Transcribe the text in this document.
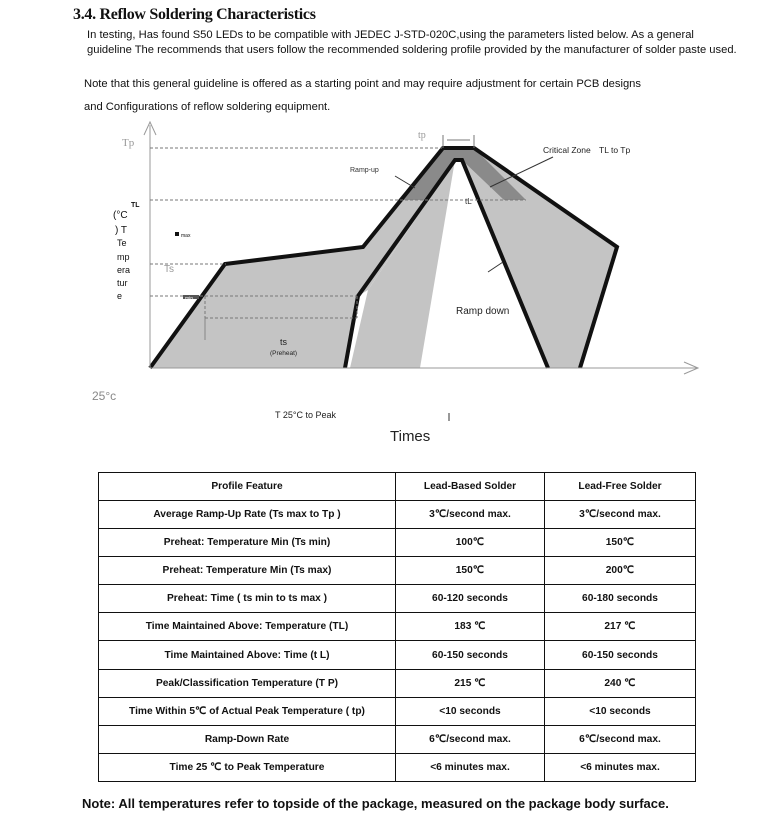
3.4. Reflow Soldering Characteristics
In testing, Has found S50 LEDs to be compatible with JEDEC J-STD-020C,using the parameters listed below. As a general guideline The recommends that users follow the recommended soldering profile provided by the manufacturer of solder paste used.
Note that this general guideline is offered as a starting point and may require adjustment for certain PCB designs
and Configurations of reflow soldering equipment.
Tp
tp
Critical Zone TL to Tp
Ramp-up
tL
TL
(°C
) T
Te
mp
era
tur
e
max
Ts
min
Ramp down
ts
(Preheat)
25°c
T 25°C to Peak
Times
Profile Feature	Lead-Based Solder	Lead-Free Solder
Average Ramp-Up Rate (Ts max to Tp )	3℃/second max.	3℃/second max.
Preheat: Temperature Min (Ts min)	100℃	150℃
Preheat: Temperature Min (Ts max)	150℃	200℃
Preheat: Time ( ts min to ts max )	60-120 seconds	60-180 seconds
Time Maintained Above: Temperature (TL)	183 ℃	217 ℃
Time Maintained Above: Time (t L)	60-150 seconds	60-150 seconds
Peak/Classification Temperature (T P)	215 ℃	240 ℃
Time Within 5℃ of Actual Peak Temperature ( tp)	<10 seconds	<10 seconds
Ramp-Down Rate	6℃/second max.	6℃/second max.
Time 25 ℃ to Peak Temperature	<6 minutes max.	<6 minutes max.
Note: All temperatures refer to topside of the package, measured on the package body surface.
